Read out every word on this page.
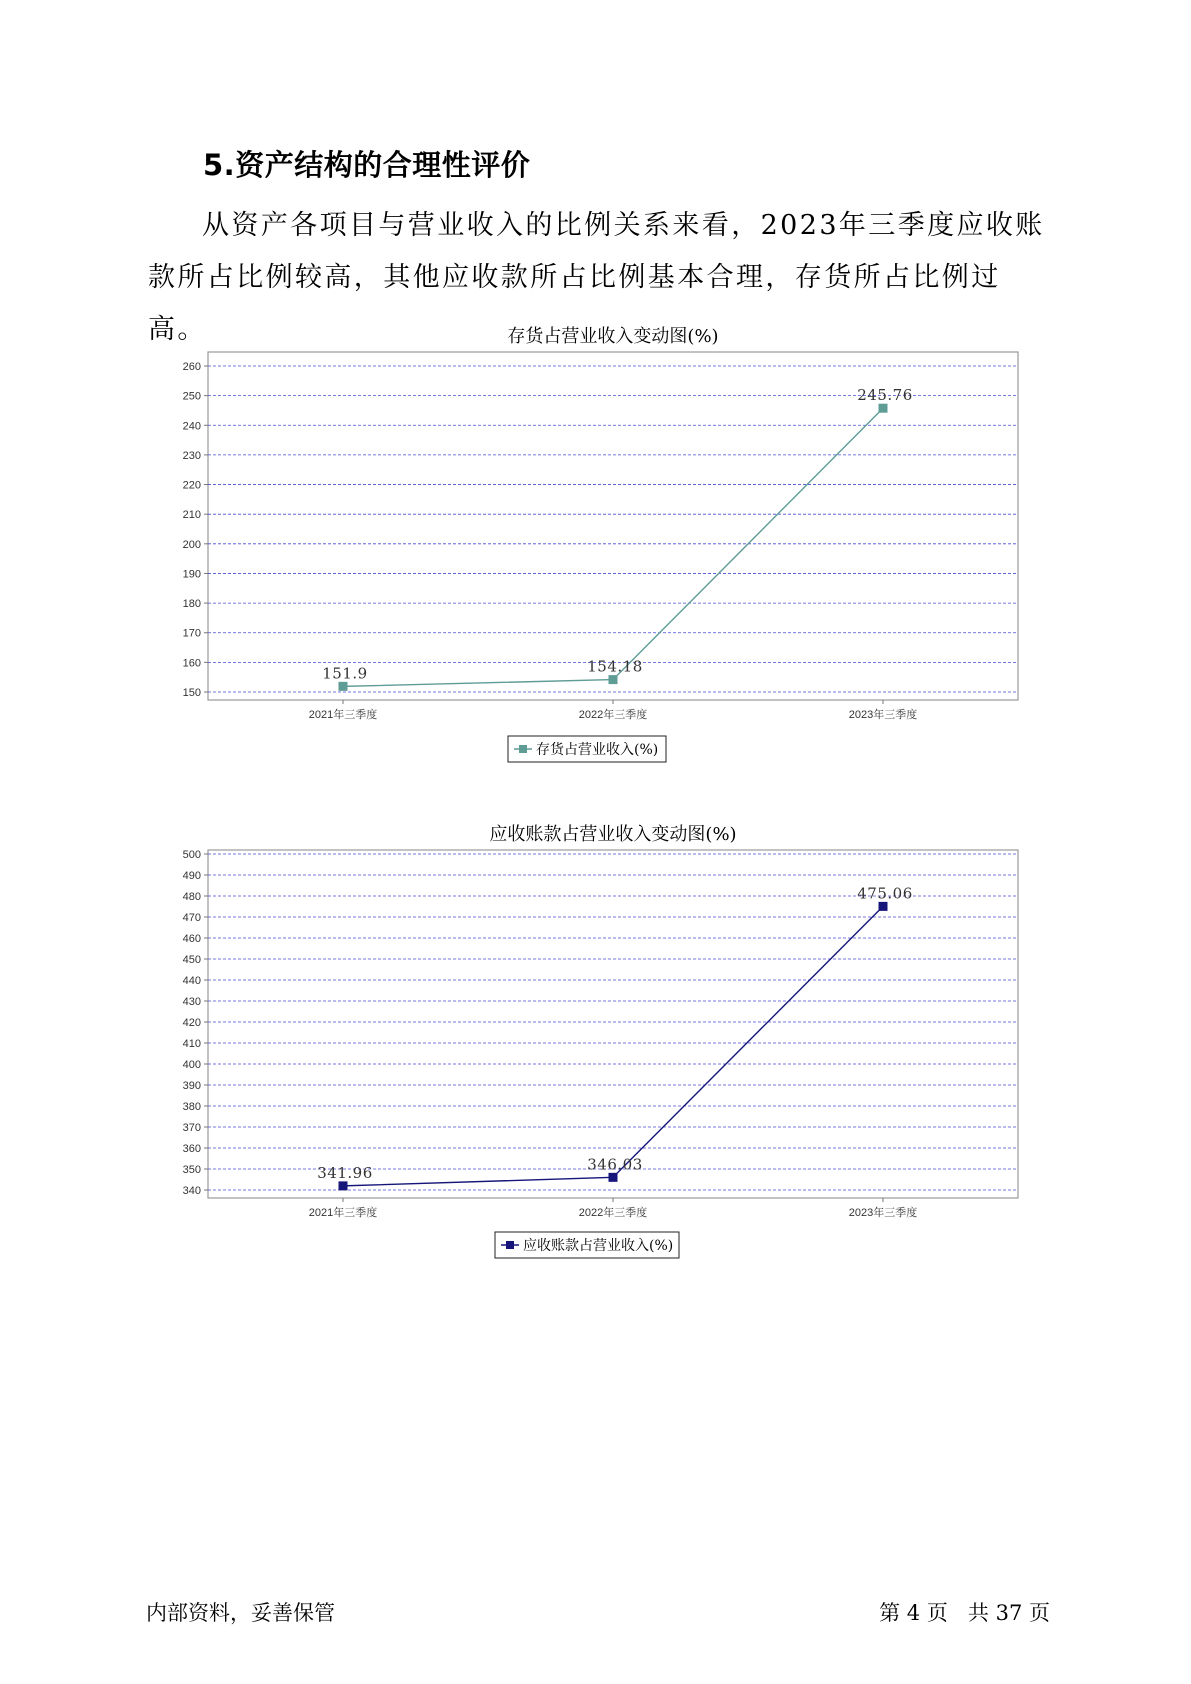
5.资产结构的合理性评价

从资产各项目与营业收入的比例关系来看，2023年三季度应收账款所占比例较高，其他应收款所占比例基本合理，存货所占比例过高。	存货占营业收入变动图(%)
150
160
170
180
190
200
210
220
230
240
250
260
2021年三季度	2022年三季度	2023年三季度
151.9	154.18
245.76
存货占营业收入(%)
应收账款占营业收入变动图(%)
340
350
360
370
380
390
400
410
420
430
440
450
460
470
480
490
500
2021年三季度	2022年三季度	2023年三季度
341.96	346.03
475.06
应收账款占营业收入(%)
内部资料，妥善保管	第 4 页   共 37 页
